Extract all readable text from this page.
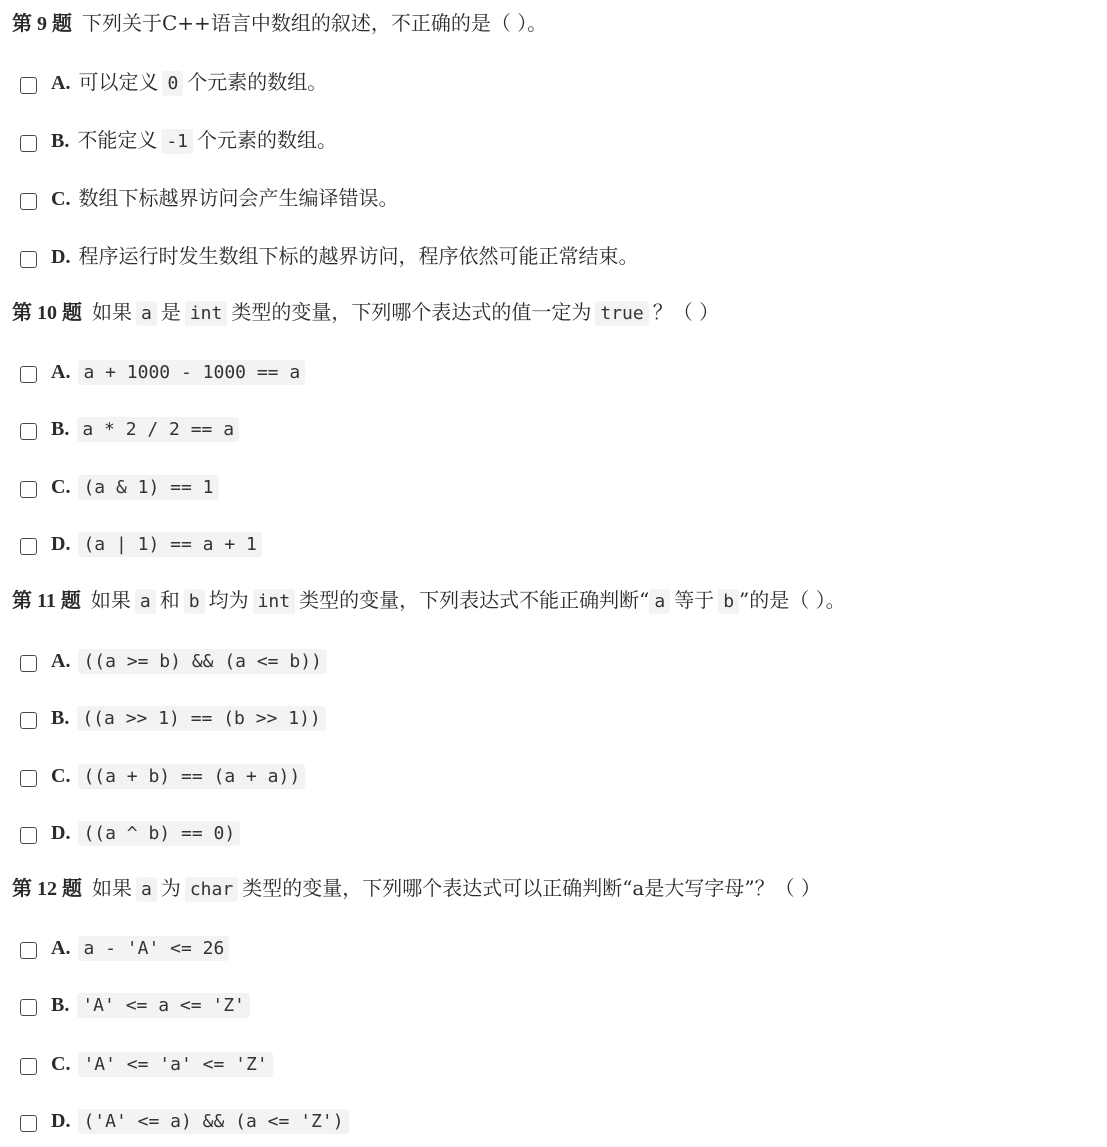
第 9 题 下列关于C++语言中数组的叙述，不正确的是（ ）。
A. 可以定义 0 个元素的数组。
B. 不能定义 -1 个元素的数组。
C. 数组下标越界访问会产生编译错误。
D. 程序运行时发生数组下标的越界访问，程序依然可能正常结束。
第 10 题 如果 a 是 int 类型的变量，下列哪个表达式的值一定为 true ？（ ）
A. a + 1000 - 1000 == a
B. a * 2 / 2 == a
C. (a & 1) == 1
D. (a | 1) == a + 1
第 11 题 如果 a 和 b 均为 int 类型的变量，下列表达式不能正确判断“ a 等于 b ”的是（ ）。
A. ((a >= b) && (a <= b))
B. ((a >> 1) == (b >> 1))
C. ((a + b) == (a + a))
D. ((a ^ b) == 0)
第 12 题 如果 a 为 char 类型的变量，下列哪个表达式可以正确判断“a是大写字母”？（ ）
A. a - 'A' <= 26
B. 'A' <= a <= 'Z'
C. 'A' <= 'a' <= 'Z'
D. ('A' <= a) && (a <= 'Z')
